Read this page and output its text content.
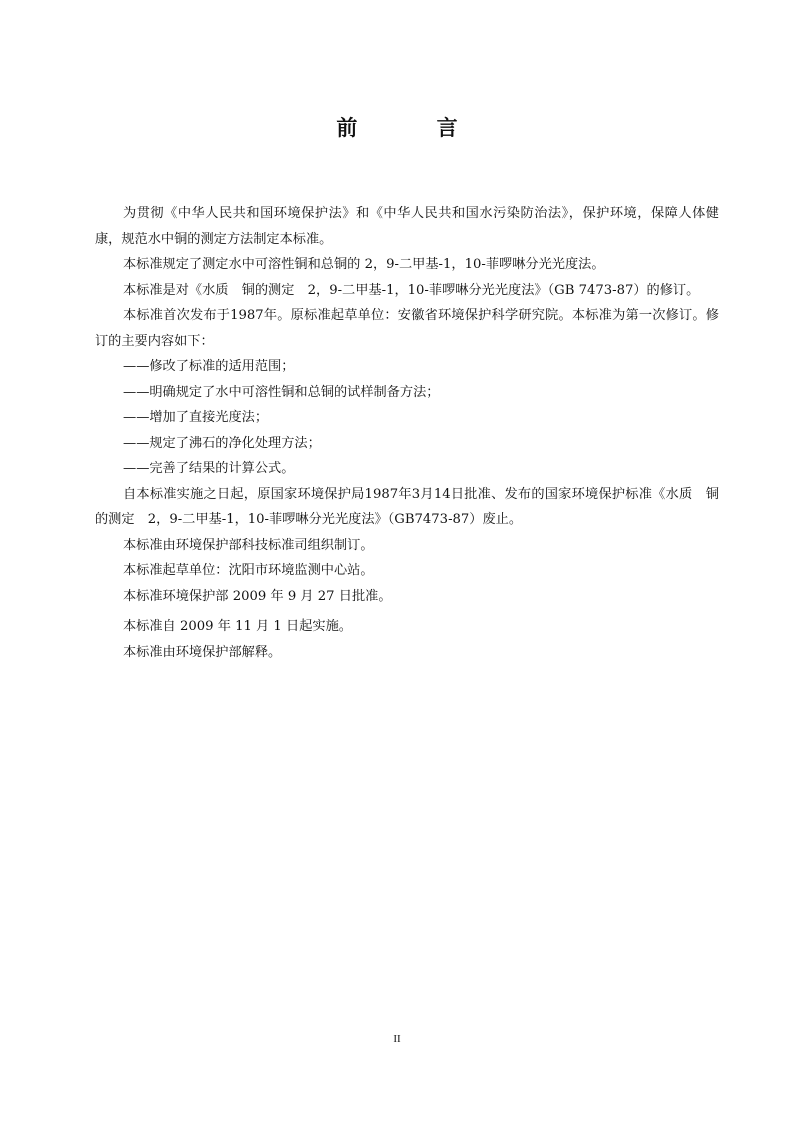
前 言

为贯彻《中华人民共和国环境保护法》和《中华人民共和国水污染防治法》，保护环境，保障人体健康，规范水中铜的测定方法制定本标准。

本标准规定了测定水中可溶性铜和总铜的 2，9-二甲基-1，10-菲啰啉分光光度法。

本标准是对《水质　铜的测定　2，9-二甲基-1，10-菲啰啉分光光度法》（GB 7473-87）的修订。

本标准首次发布于1987年。原标准起草单位：安徽省环境保护科学研究院。本标准为第一次修订。修订的主要内容如下：

——修改了标准的适用范围；

——明确规定了水中可溶性铜和总铜的试样制备方法；

——增加了直接光度法；

——规定了沸石的净化处理方法；

——完善了结果的计算公式。

自本标准实施之日起，原国家环境保护局1987年3月14日批准、发布的国家环境保护标准《水质　铜的测定　2，9-二甲基-1，10-菲啰啉分光光度法》（GB7473-87）废止。

本标准由环境保护部科技标准司组织制订。

本标准起草单位：沈阳市环境监测中心站。

本标准环境保护部 2009 年 9 月 27 日批准。

本标准自 2009 年 11 月 1 日起实施。

本标准由环境保护部解释。

II
